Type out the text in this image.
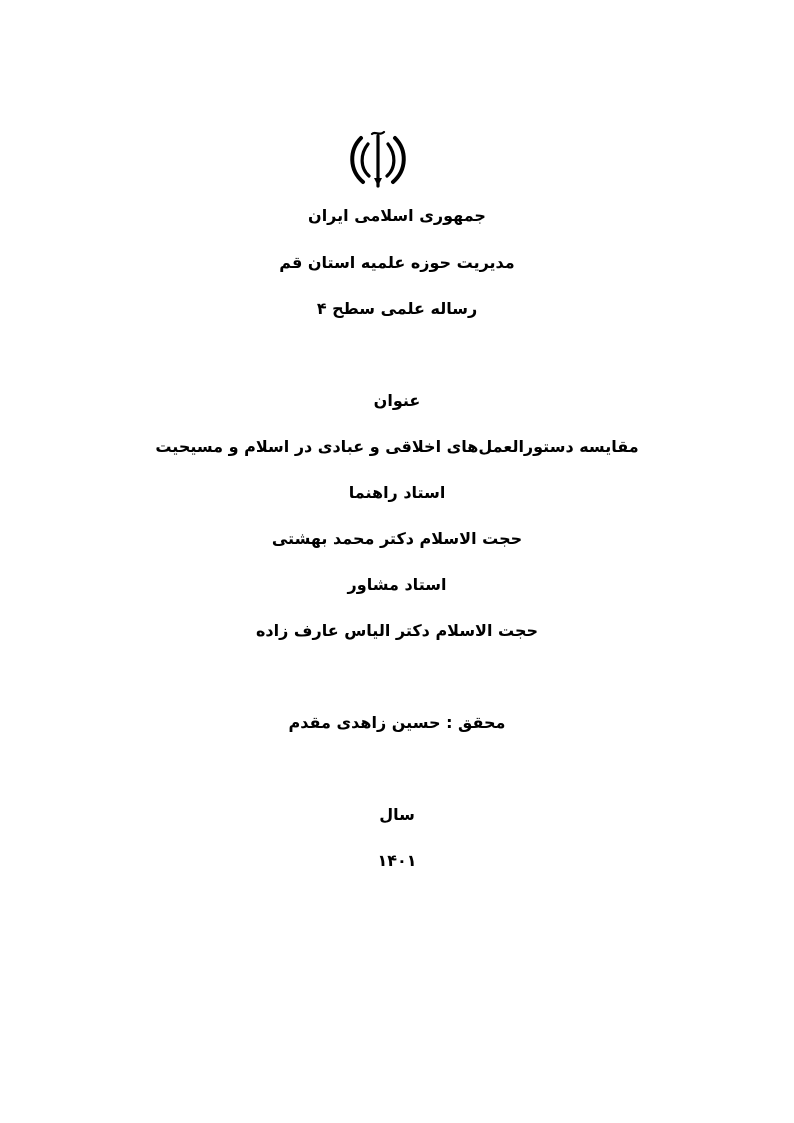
جمهوری اسلامی ایران
مدیریت حوزه علمیه استان قم
رساله علمی سطح ۴
عنوان
مقایسه دستورالعمل‌های اخلاقی و عبادی در اسلام و مسیحیت
استاد راهنما
حجت الاسلام دکتر محمد بهشتی
استاد مشاور
حجت الاسلام دکتر الیاس عارف زاده
محقق : حسین زاهدی مقدم
سال
۱۴۰۱
